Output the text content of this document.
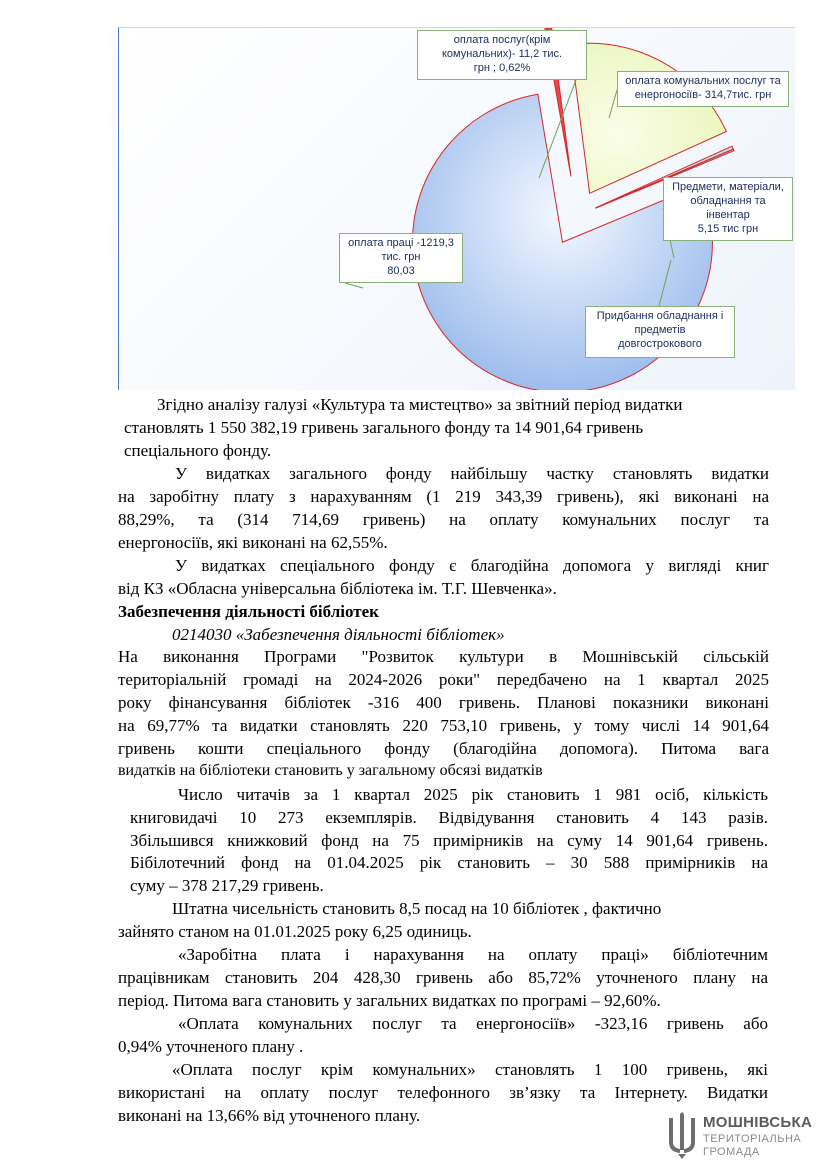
оплата послуг(крім
комунальних)- 11,2 тис.
грн ; 0,62%
оплата комунальних послуг та
енергоносіїв- 314,7тис. грн
Предмети, матеріали,
обладнання та
інвентар
5,15 тис грн
Придбання обладнання і
предметів
довгострокового
оплата праці -1219,3
тис. грн
80,03
Згідно аналізу галузі «Культура та мистецтво» за звітний період видатки
становлять 1 550 382,19 гривень загального фонду та 14 901,64 гривень
спеціального фонду.
У видатках загального фонду найбільшу частку становлять видатки
на заробітну плату з нарахуванням (1 219 343,39 гривень), які виконані на
88,29%, та (314 714,69 гривень) на оплату комунальних послуг та
енергоносіїв, які виконані на 62,55%.
У видатках спеціального фонду є благодійна допомога у вигляді книг
від КЗ «Обласна універсальна бібліотека ім. Т.Г. Шевченка».
Забезпечення діяльності бібліотек
0214030 «Забезпечення діяльності бібліотек»
На виконання Програми "Розвиток культури в Мошнівській сільській
територіальній громаді на 2024-2026 роки" передбачено на 1 квартал 2025
року фінансування бібліотек -316 400 гривень. Планові показники виконані
на 69,77% та видатки становлять 220 753,10 гривень, у тому числі 14 901,64
гривень кошти спеціального фонду (благодійна допомога). Питома вага
видатків на бібліотеки становить у загальному обсязі видатків
Число читачів за 1 квартал 2025 рік становить 1 981 осіб, кількість
книговидачі 10 273 екземплярів. Відвідування становить 4 143 разів.
Збільшився книжковий фонд на 75 примірників на суму 14 901,64 гривень.
Бібілотечний фонд на 01.04.2025 рік становить – 30 588 примірників на
суму – 378 217,29 гривень.
Штатна чисельність становить 8,5 посад на 10 бібліотек , фактично
зайнято станом на 01.01.2025 року 6,25 одиниць.
«Заробітна плата і нарахування на оплату праці» бібліотечним
працівникам становить 204 428,30 гривень або 85,72% уточненого плану на
період. Питома вага становить у загальних видатках по програмі – 92,60%.
«Оплата комунальних послуг та енергоносіїв» -323,16 гривень або
0,94% уточненого плану .
«Оплата послуг крім комунальних» становлять 1 100 гривень, які
використані на оплату послуг телефонного зв’язку та Інтернету. Видатки
виконані на 13,66% від уточненого плану.	МОШНІВСЬКА
ТЕРИТОРІАЛЬНА
ГРОМАДА
